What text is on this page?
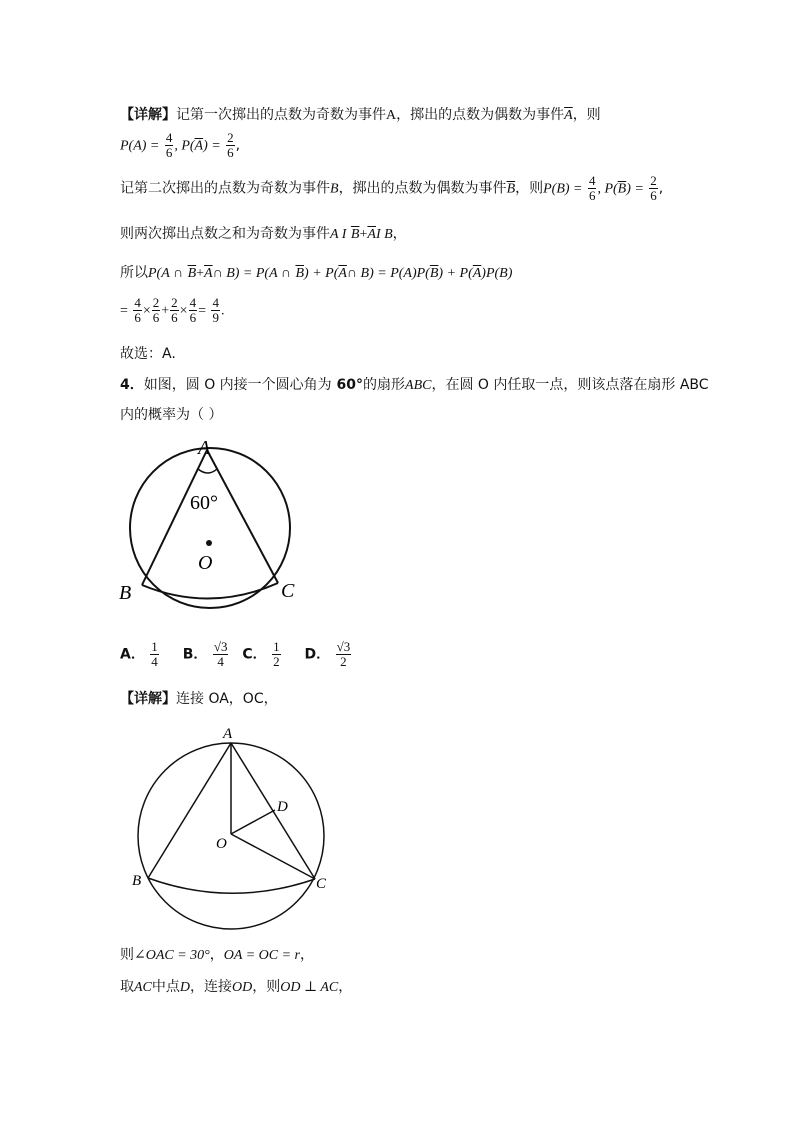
【详解】记第一次掷出的点数为奇数为事件A，掷出的点数为偶数为事件$\overline{A}$，则
$P(A) = \frac{4}{6}$ , $P(\overline{A}) = \frac{2}{6}$ ,
记第二次掷出的点数为奇数为事件B，掷出的点数为偶数为事件$\overline{B}$，则$P(B) = \frac{4}{6}$ , $P(\overline{B}) = \frac{2}{6}$ ,
则两次掷出点数之和为奇数为事件A I $\overline{B}+\overline{A}I$ B，
所以P(A ∩ $\overline{B}+\overline{A}\cap$ B) = P(A ∩ $\overline{B}$) + $P(\overline{A}\cap$ $B) = P(A)P(\overline{B}) + P(\overline{A})P(B)$
= $\frac{4}{6} \times \frac{2}{6} + \frac{2}{6} \times \frac{4}{6} = \frac{4}{9}$ .
故选：A.
4．如图，圆 O 内接一个圆心角为 60°的扇形ABC，在圆 O 内任取一点，则该点落在扇形 ABC
内的概率为（ ）
A
60°
O
B	C
A． $\frac{1}{4}$ B． $\frac{√3}{4}$ C． $\frac{1}{2}$ D． $\frac{√3}{2}$
【详解】连接 OA，OC，
A
D
O
B	C
则∠OAC = 30°，OA = OC = r，
取AC中点D，连接OD，则OD ⊥ AC，
